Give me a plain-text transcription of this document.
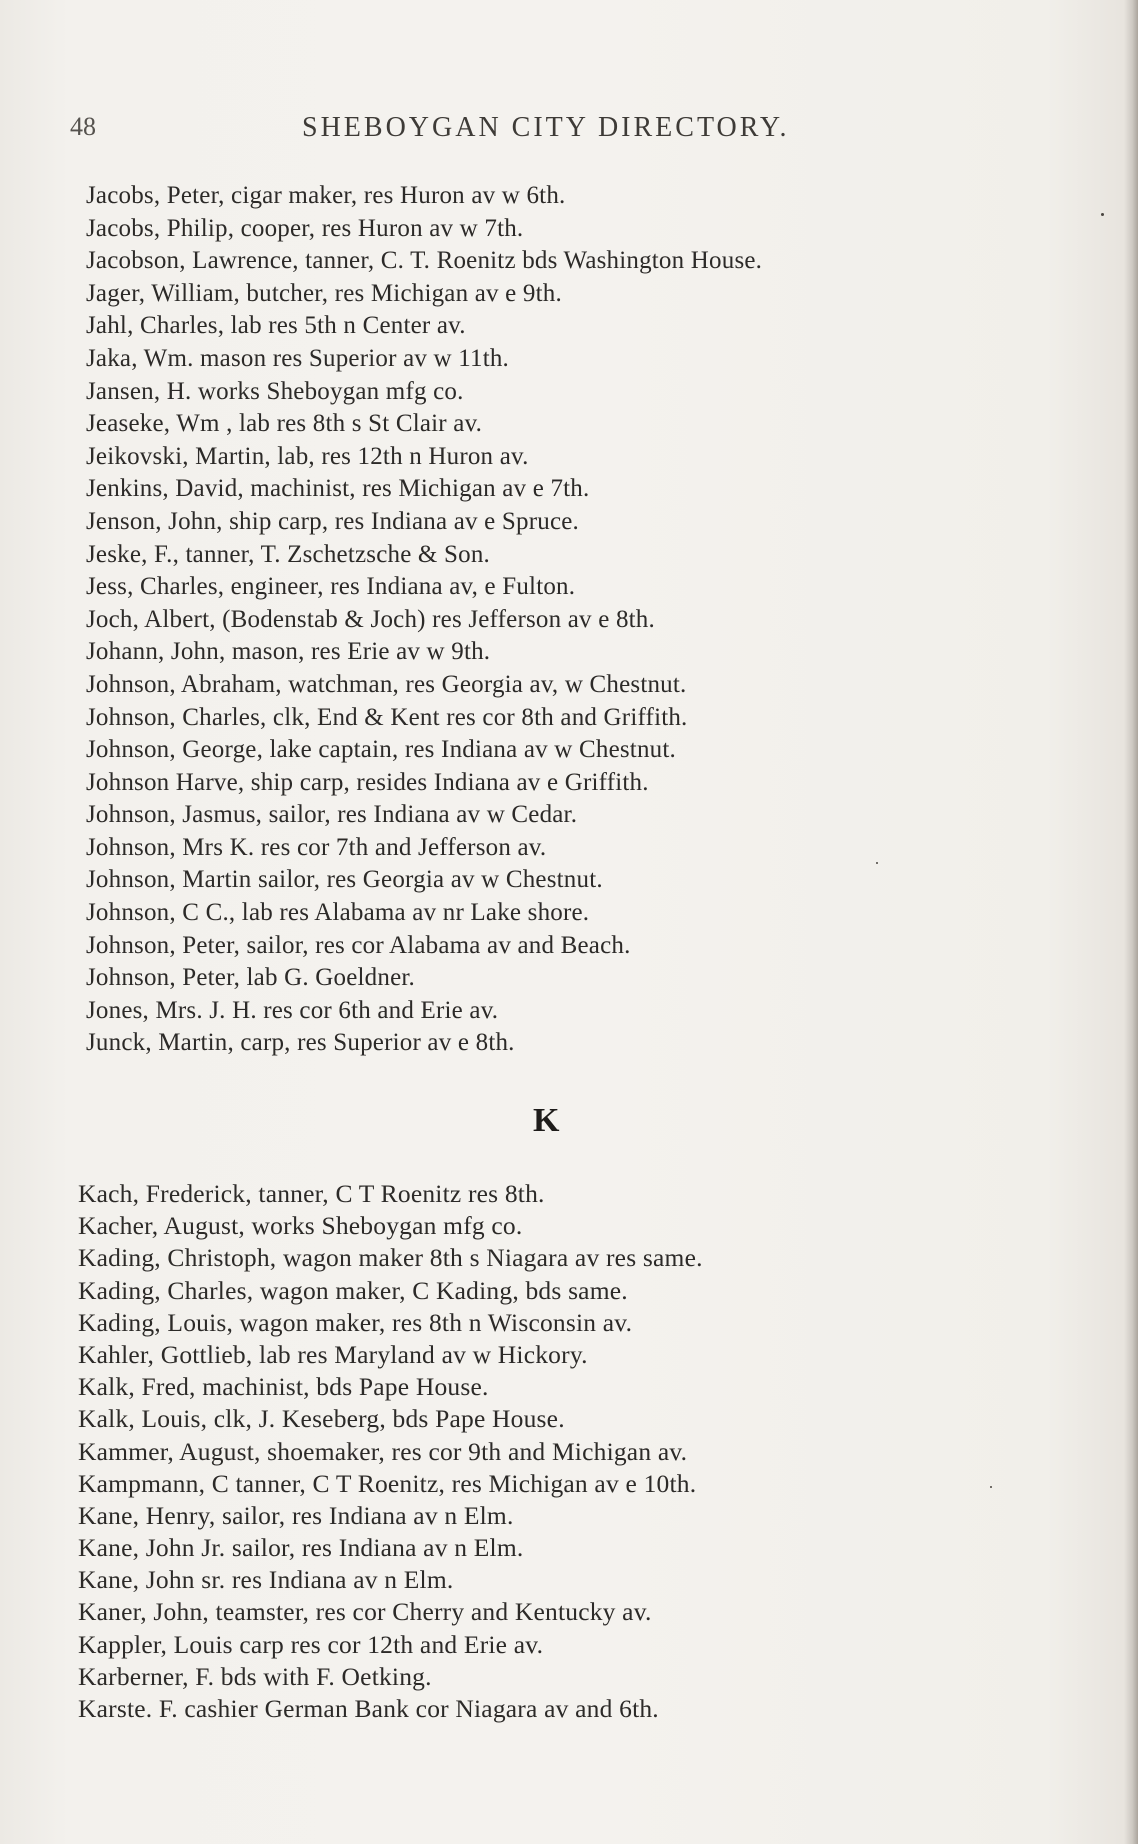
48	SHEBOYGAN CITY DIRECTORY.
Jacobs, Peter, cigar maker, res Huron av w 6th.
Jacobs, Philip, cooper, res Huron av w 7th.
Jacobson, Lawrence, tanner, C. T. Roenitz bds Washington House.
Jager, William, butcher, res Michigan av e 9th.
Jahl, Charles, lab res 5th n Center av.
Jaka, Wm. mason res Superior av w 11th.
Jansen, H. works Sheboygan mfg co.
Jeaseke, Wm , lab res 8th s St Clair av.
Jeikovski, Martin, lab, res 12th n Huron av.
Jenkins, David, machinist, res Michigan av e 7th.
Jenson, John, ship carp, res Indiana av e Spruce.
Jeske, F., tanner, T. Zschetzsche & Son.
Jess, Charles, engineer, res Indiana av, e Fulton.
Joch, Albert, (Bodenstab & Joch) res Jefferson av e 8th.
Johann, John, mason, res Erie av w 9th.
Johnson, Abraham, watchman, res Georgia av, w Chestnut.
Johnson, Charles, clk, End & Kent res cor 8th and Griffith.
Johnson, George, lake captain, res Indiana av w Chestnut.
Johnson Harve, ship carp, resides Indiana av e Griffith.
Johnson, Jasmus, sailor, res Indiana av w Cedar.
Johnson, Mrs K. res cor 7th and Jefferson av.
Johnson, Martin sailor, res Georgia av w Chestnut.
Johnson, C C., lab res Alabama av nr Lake shore.
Johnson, Peter, sailor, res cor Alabama av and Beach.
Johnson, Peter, lab G. Goeldner.
Jones, Mrs. J. H. res cor 6th and Erie av.
Junck, Martin, carp, res Superior av e 8th.
K
Kach, Frederick, tanner, C T Roenitz res 8th.
Kacher, August, works Sheboygan mfg co.
Kading, Christoph, wagon maker 8th s Niagara av res same.
Kading, Charles, wagon maker, C Kading, bds same.
Kading, Louis, wagon maker, res 8th n Wisconsin av.
Kahler, Gottlieb, lab res Maryland av w Hickory.
Kalk, Fred, machinist, bds Pape House.
Kalk, Louis, clk, J. Keseberg, bds Pape House.
Kammer, August, shoemaker, res cor 9th and Michigan av.
Kampmann, C tanner, C T Roenitz, res Michigan av e 10th.
Kane, Henry, sailor, res Indiana av n Elm.
Kane, John Jr. sailor, res Indiana av n Elm.
Kane, John sr. res Indiana av n Elm.
Kaner, John, teamster, res cor Cherry and Kentucky av.
Kappler, Louis carp res cor 12th and Erie av.
Karberner, F. bds with F. Oetking.
Karste. F. cashier German Bank cor Niagara av and 6th.
